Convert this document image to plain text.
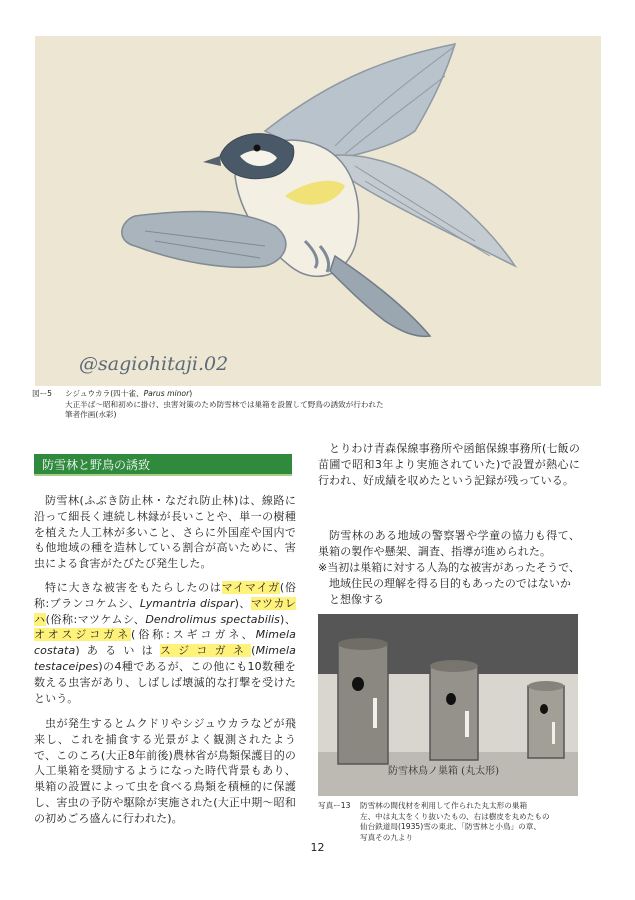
@sagiohitaji.02
図ー5 シジュウカラ(四十雀、Parus minor)
大正半ば〜昭和初めに掛け、虫害対策のため防雪林では巣箱を設置して野鳥の誘致が行われた
筆者作画(水彩)
防雪林と野鳥の誘致
防雪林(ふぶき防止林・なだれ防止林)は、線路に沿って細長く連続し林縁が長いことや、単一の樹種を植えた人工林が多いこと、さらに外国産や国内でも他地域の種を造林している割合が高いために、害虫による食害がたびたび発生した。
特に大きな被害をもたらしたのはマイマイガ(俗称:ブランコケムシ、Lymantria dispar)、マツカレハ(俗称:マツケムシ、Dendrolimus spectabilis)、オオスジコガネ(俗称:スギコガネ、Mimela costata)あるいはスジコガネ(Mimela testaceipes)の4種であるが、この他にも10数種を数える虫害があり、しばしば壊滅的な打撃を受けたという。
虫が発生するとムクドリやシジュウカラなどが飛来し、これを捕食する光景がよく観測されたようで、このころ(大正8年前後)農林省が鳥類保護目的の人工巣箱を奨励するようになった時代背景もあり、巣箱の設置によって虫を食べる鳥類を積極的に保護し、害虫の予防や駆除が実施された(大正中期〜昭和の初めごろ盛んに行われた)。
とりわけ青森保線事務所や函館保線事務所(七飯の苗圃で昭和3年より実施されていた)で設置が熱心に行われ、好成績を収めたという記録が残っている。
防雪林のある地域の警察署や学童の協力も得て、巣箱の製作や懸架、調査、指導が進められた。
※当初は巣箱に対する人為的な被害があったそうで、地域住民の理解を得る目的もあったのではないかと想像する
防雪林鳥ノ巣箱 (丸太形)
写真ー13 防雪林の間伐材を利用して作られた丸太形の巣箱
左、中は丸太をくり抜いたもの、右は樹皮を丸めたもの
仙台鉄道局(1935)雪の東北、「防雪林と小鳥」の章、
写真その九より
12
